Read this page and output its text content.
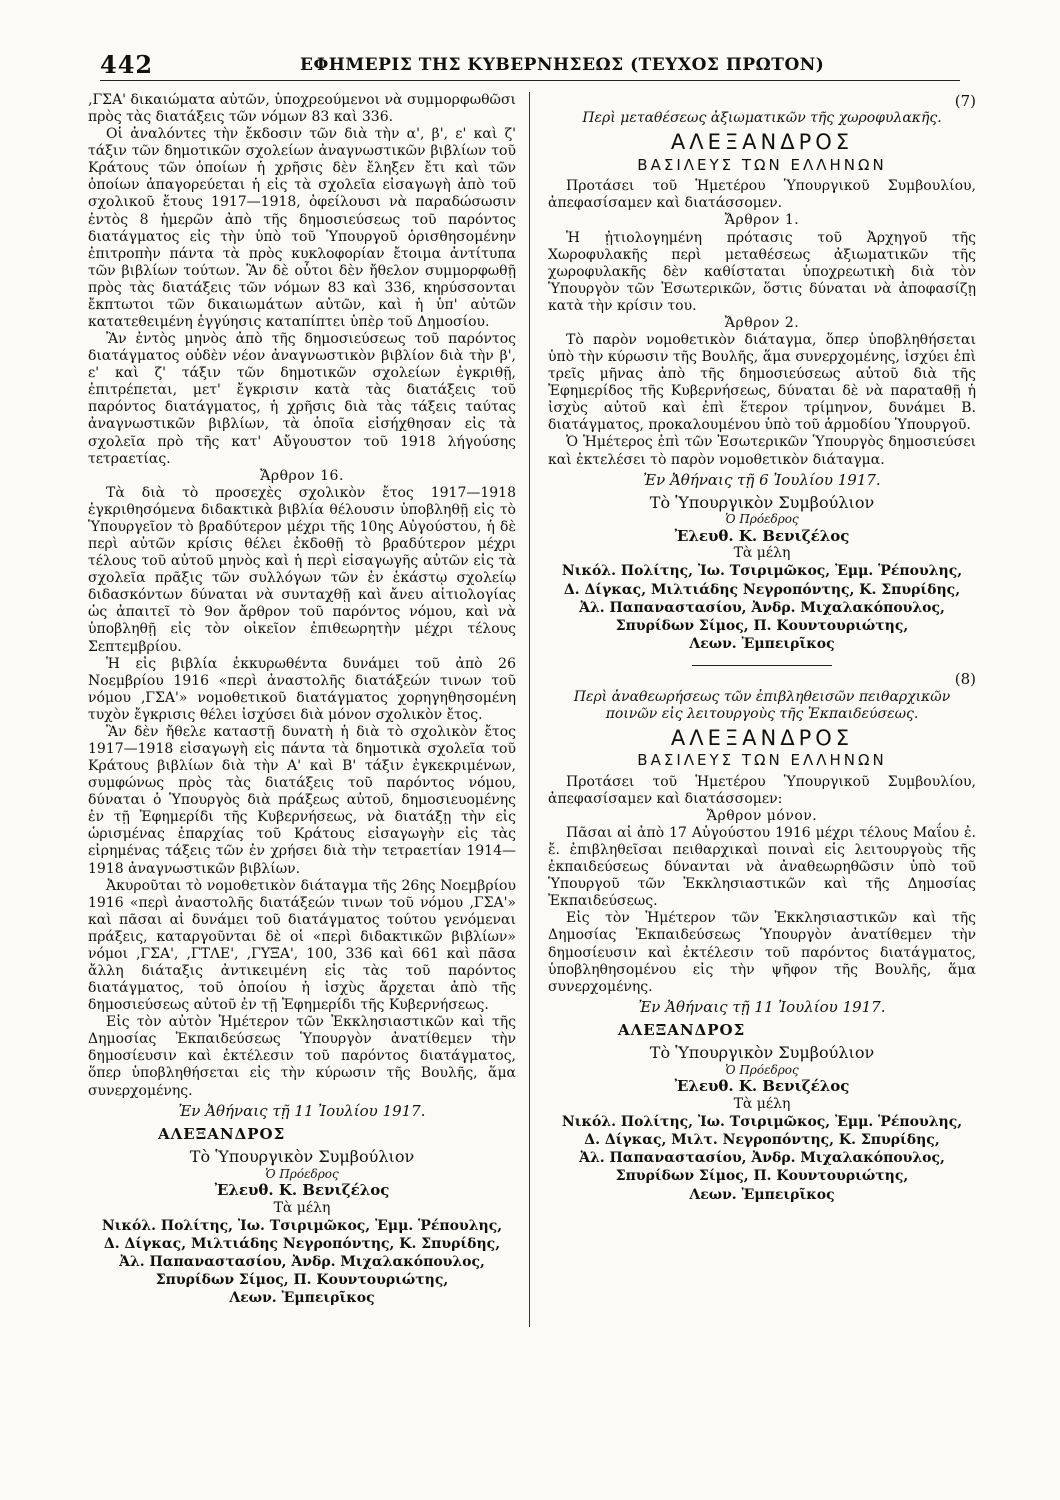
442	ΕΦΗΜΕΡΙΣ ΤΗΣ ΚΥΒΕΡΝΗΣΕΩΣ (ΤΕΥΧΟΣ ΠΡΩΤΟΝ)

‚ΓΣΑ' δικαιώματα αὐτῶν, ὑποχρεούμενοι νὰ συμμορφωθῶσι πρὸς τὰς διατάξεις τῶν νόμων 83 καὶ 336.

Οἱ ἀναλόντες τὴν ἔκδοσιν τῶν διὰ τὴν α', β', ε' καὶ ζ' τάξιν τῶν δημοτικῶν σχολείων ἀναγνωστικῶν βιβλίων τοῦ Κράτους τῶν ὁποίων ἡ χρῆσις δὲν ἔληξεν ἔτι καὶ τῶν ὁποίων ἀπαγορεύεται ἡ εἰς τὰ σχολεῖα εἰσαγωγὴ ἀπὸ τοῦ σχολικοῦ ἔτους 1917—1918, ὀφείλουσι νὰ παραδώσωσιν ἐντὸς 8 ἡμερῶν ἀπὸ τῆς δημοσιεύσεως τοῦ παρόντος διατάγματος εἰς τὴν ὑπὸ τοῦ Ὑπουργοῦ ὁρισθησομένην ἐπιτροπὴν πάντα τὰ πρὸς κυκλοφορίαν ἔτοιμα ἀντίτυπα τῶν βιβλίων τούτων. Ἂν δὲ οὗτοι δὲν ἤθελον συμμορφωθῇ πρὸς τὰς διατάξεις τῶν νόμων 83 καὶ 336, κηρύσσονται ἔκπτωτοι τῶν δικαιωμάτων αὐτῶν, καὶ ἡ ὑπ' αὐτῶν κατατεθειμένη ἐγγύησις καταπίπτει ὑπὲρ τοῦ Δημοσίου.

Ἂν ἐντὸς μηνὸς ἀπὸ τῆς δημοσιεύσεως τοῦ παρόντος διατάγματος οὐδὲν νέον ἀναγνωστικὸν βιβλίον διὰ τὴν β', ε' καὶ ζ' τάξιν τῶν δημοτικῶν σχολείων ἐγκριθῇ, ἐπιτρέπεται, μετ' ἔγκρισιν κατὰ τὰς διατάξεις τοῦ παρόντος διατάγματος, ἡ χρῆσις διὰ τὰς τάξεις ταύτας ἀναγνωστικῶν βιβλίων, τὰ ὁποῖα εἰσήχθησαν εἰς τὰ σχολεῖα πρὸ τῆς κατ' Αὔγουστον τοῦ 1918 λήγούσης τετραετίας.

Ἄρθρον 16.

Τὰ διὰ τὸ προσεχὲς σχολικὸν ἔτος 1917—1918 ἐγκριθησόμενα διδακτικὰ βιβλία θέλουσιν ὑποβληθῇ εἰς τὸ Ὑπουργεῖον τὸ βραδύτερον μέχρι τῆς 10ης Αὐγούστου, ἡ δὲ περὶ αὐτῶν κρίσις θέλει ἐκδοθῇ τὸ βραδύτερον μέχρι τέλους τοῦ αὐτοῦ μηνὸς καὶ ἡ περὶ εἰσαγωγῆς αὐτῶν εἰς τὰ σχολεῖα πρᾶξις τῶν συλλόγων τῶν ἐν ἑκάστῳ σχολείῳ διδασκόντων δύναται νὰ συνταχθῇ καὶ ἄνευ αἰτιολογίας ὡς ἀπαιτεῖ τὸ 9ον ἄρθρον τοῦ παρόντος νόμου, καὶ νὰ ὑποβληθῇ εἰς τὸν οἰκεῖον ἐπιθεωρητὴν μέχρι τέλους Σεπτεμβρίου.

Ἡ εἰς βιβλία ἐκκυρωθέντα δυνάμει τοῦ ἀπὸ 26 Νοεμβρίου 1916 «περὶ ἀναστολῆς διατάξεών τινων τοῦ νόμου ‚ΓΣΑ'» νομοθετικοῦ διατάγματος χορηγηθησομένη τυχὸν ἔγκρισις θέλει ἰσχύσει διὰ μόνον σχολικὸν ἔτος.

Ἂν δὲν ἤθελε καταστῇ δυνατὴ ἡ διὰ τὸ σχολικὸν ἔτος 1917—1918 εἰσαγωγὴ εἰς πάντα τὰ δημοτικὰ σχολεῖα τοῦ Κράτους βιβλίων διὰ τὴν Α' καὶ Β' τάξιν ἐγκεκριμένων, συμφώνως πρὸς τὰς διατάξεις τοῦ παρόντος νόμου, δύναται ὁ Ὑπουργὸς διὰ πράξεως αὐτοῦ, δημοσιευομένης ἐν τῇ Ἐφημερίδι τῆς Κυβερνήσεως, νὰ διατάξῃ τὴν εἰς ὡρισμένας ἐπαρχίας τοῦ Κράτους εἰσαγωγὴν εἰς τὰς εἰρημένας τάξεις τῶν ἐν χρήσει διὰ τὴν τετραετίαν 1914—1918 ἀναγνωστικῶν βιβλίων.

Ἀκυροῦται τὸ νομοθετικὸν διάταγμα τῆς 26ης Νοεμβρίου 1916 «περὶ ἀναστολῆς διατάξεών τινων τοῦ νόμου ‚ΓΣΑ'» καὶ πᾶσαι αἱ δυνάμει τοῦ διατάγματος τούτου γενόμεναι πράξεις, καταργοῦνται δὲ οἱ «περὶ διδακτικῶν βιβλίων» νόμοι ‚ΓΣΑ', ‚ΓΤΛΕ', ‚ΓΥΞΑ', 100, 336 καὶ 661 καὶ πᾶσα ἄλλη διάταξις ἀντικειμένη εἰς τὰς τοῦ παρόντος διατάγματος, τοῦ ὁποίου ἡ ἰσχὺς ἄρχεται ἀπὸ τῆς δημοσιεύσεως αὐτοῦ ἐν τῇ Ἐφημερίδι τῆς Κυβερνήσεως.

Εἰς τὸν αὐτὸν Ἡμέτερον τῶν Ἐκκλησιαστικῶν καὶ τῆς Δημοσίας Ἐκπαιδεύσεως Ὑπουργὸν ἀνατίθεμεν τὴν δημοσίευσιν καὶ ἐκτέλεσιν τοῦ παρόντος διατάγματος, ὅπερ ὑποβληθήσεται εἰς τὴν κύρωσιν τῆς Βουλῆς, ἅμα συνερχομένης.

Ἐν Ἀθήναις τῇ 11 Ἰουλίου 1917.

ΑΛΕΞΑΝΔΡΟΣ

Τὸ Ὑπουργικὸν Συμβούλιον

Ὁ Πρόεδρος

Ἐλευθ. Κ. Βενιζέλος

Τὰ μέλη

Νικόλ. Πολίτης, Ἰω. Τσιριμῶκος, Ἐμμ. Ῥέπουλης,

Δ. Δίγκας, Μιλτιάδης Νεγροπόντης, Κ. Σπυρίδης,

Ἀλ. Παπαναστασίου, Ἀνδρ. Μιχαλακόπουλος,

Σπυρίδων Σίμος, Π. Κουντουριώτης,

Λεων. Ἐμπειρῖκος

(7)

Περὶ μεταθέσεως ἀξιωματικῶν τῆς χωροφυλακῆς.

ΑΛΕΞΑΝΔΡΟΣ

ΒΑΣΙΛΕΥΣ ΤΩΝ ΕΛΛΗΝΩΝ

Προτάσει τοῦ Ἡμετέρου Ὑπουργικοῦ Συμβουλίου, ἀπεφασίσαμεν καὶ διατάσσομεν.

Ἄρθρον 1.

Ἡ ᾐτιολογημένη πρότασις τοῦ Ἀρχηγοῦ τῆς Χωροφυλακῆς περὶ μεταθέσεως ἀξιωματικῶν τῆς χωροφυλακῆς δὲν καθίσταται ὑποχρεωτικὴ διὰ τὸν Ὑπουργὸν τῶν Ἐσωτερικῶν, ὅστις δύναται νὰ ἀποφασίζῃ κατὰ τὴν κρίσιν του.

Ἄρθρον 2.

Τὸ παρὸν νομοθετικὸν διάταγμα, ὅπερ ὑποβληθήσεται ὑπὸ τὴν κύρωσιν τῆς Βουλῆς, ἅμα συνερχομένης, ἰσχύει ἐπὶ τρεῖς μῆνας ἀπὸ τῆς δημοσιεύσεως αὐτοῦ διὰ τῆς Ἐφημερίδος τῆς Κυβερνήσεως, δύναται δὲ νὰ παραταθῇ ἡ ἰσχὺς αὐτοῦ καὶ ἐπὶ ἕτερον τρίμηνον, δυνάμει Β. διατάγματος, προκαλουμένου ὑπὸ τοῦ ἁρμοδίου Ὑπουργοῦ.

Ὁ Ἡμέτερος ἐπὶ τῶν Ἐσωτερικῶν Ὑπουργὸς δημοσιεύσει καὶ ἐκτελέσει τὸ παρὸν νομοθετικὸν διάταγμα.

Ἐν Ἀθήναις τῇ 6 Ἰουλίου 1917.

Τὸ Ὑπουργικὸν Συμβούλιον

Ὁ Πρόεδρος

Ἐλευθ. Κ. Βενιζέλος

Τὰ μέλη

Νικόλ. Πολίτης, Ἰω. Τσιριμῶκος, Ἐμμ. Ῥέπουλης,

Δ. Δίγκας, Μιλτιάδης Νεγροπόντης, Κ. Σπυρίδης,

Ἀλ. Παπαναστασίου, Ἀνδρ. Μιχαλακόπουλος,

Σπυρίδων Σίμος, Π. Κουντουριώτης,

Λεων. Ἐμπειρῖκος

(8)

Περὶ ἀναθεωρήσεως τῶν ἐπιβληθεισῶν πειθαρχικῶν ποινῶν εἰς λειτουργοὺς τῆς Ἐκπαιδεύσεως.

ΑΛΕΞΑΝΔΡΟΣ

ΒΑΣΙΛΕΥΣ ΤΩΝ ΕΛΛΗΝΩΝ

Προτάσει τοῦ Ἡμετέρου Ὑπουργικοῦ Συμβουλίου, ἀπεφασίσαμεν καὶ διατάσσομεν:

Ἄρθρον μόνον.

Πᾶσαι αἱ ἀπὸ 17 Αὐγούστου 1916 μέχρι τέλους Μαΐου ἐ. ἔ. ἐπιβληθεῖσαι πειθαρχικαὶ ποιναὶ εἰς λειτουργοὺς τῆς ἐκπαιδεύσεως δύνανται νὰ ἀναθεωρηθῶσιν ὑπὸ τοῦ Ὑπουργοῦ τῶν Ἐκκλησιαστικῶν καὶ τῆς Δημοσίας Ἐκπαιδεύσεως.

Εἰς τὸν Ἡμέτερον τῶν Ἐκκλησιαστικῶν καὶ τῆς Δημοσίας Ἐκπαιδεύσεως Ὑπουργὸν ἀνατίθεμεν τὴν δημοσίευσιν καὶ ἐκτέλεσιν τοῦ παρόντος διατάγματος, ὑποβληθησομένου εἰς τὴν ψῆφον τῆς Βουλῆς, ἅμα συνερχομένης.

Ἐν Ἀθήναις τῇ 11 Ἰουλίου 1917.

ΑΛΕΞΑΝΔΡΟΣ

Τὸ Ὑπουργικὸν Συμβούλιον

Ὁ Πρόεδρος

Ἐλευθ. Κ. Βενιζέλος

Τὰ μέλη

Νικόλ. Πολίτης, Ἰω. Τσιριμῶκος, Ἐμμ. Ῥέπουλης,

Δ. Δίγκας, Μιλτ. Νεγροπόντης, Κ. Σπυρίδης,

Ἀλ. Παπαναστασίου, Ἀνδρ. Μιχαλακόπουλος,

Σπυρίδων Σίμος, Π. Κουντουριώτης,

Λεων. Ἐμπειρῖκος
